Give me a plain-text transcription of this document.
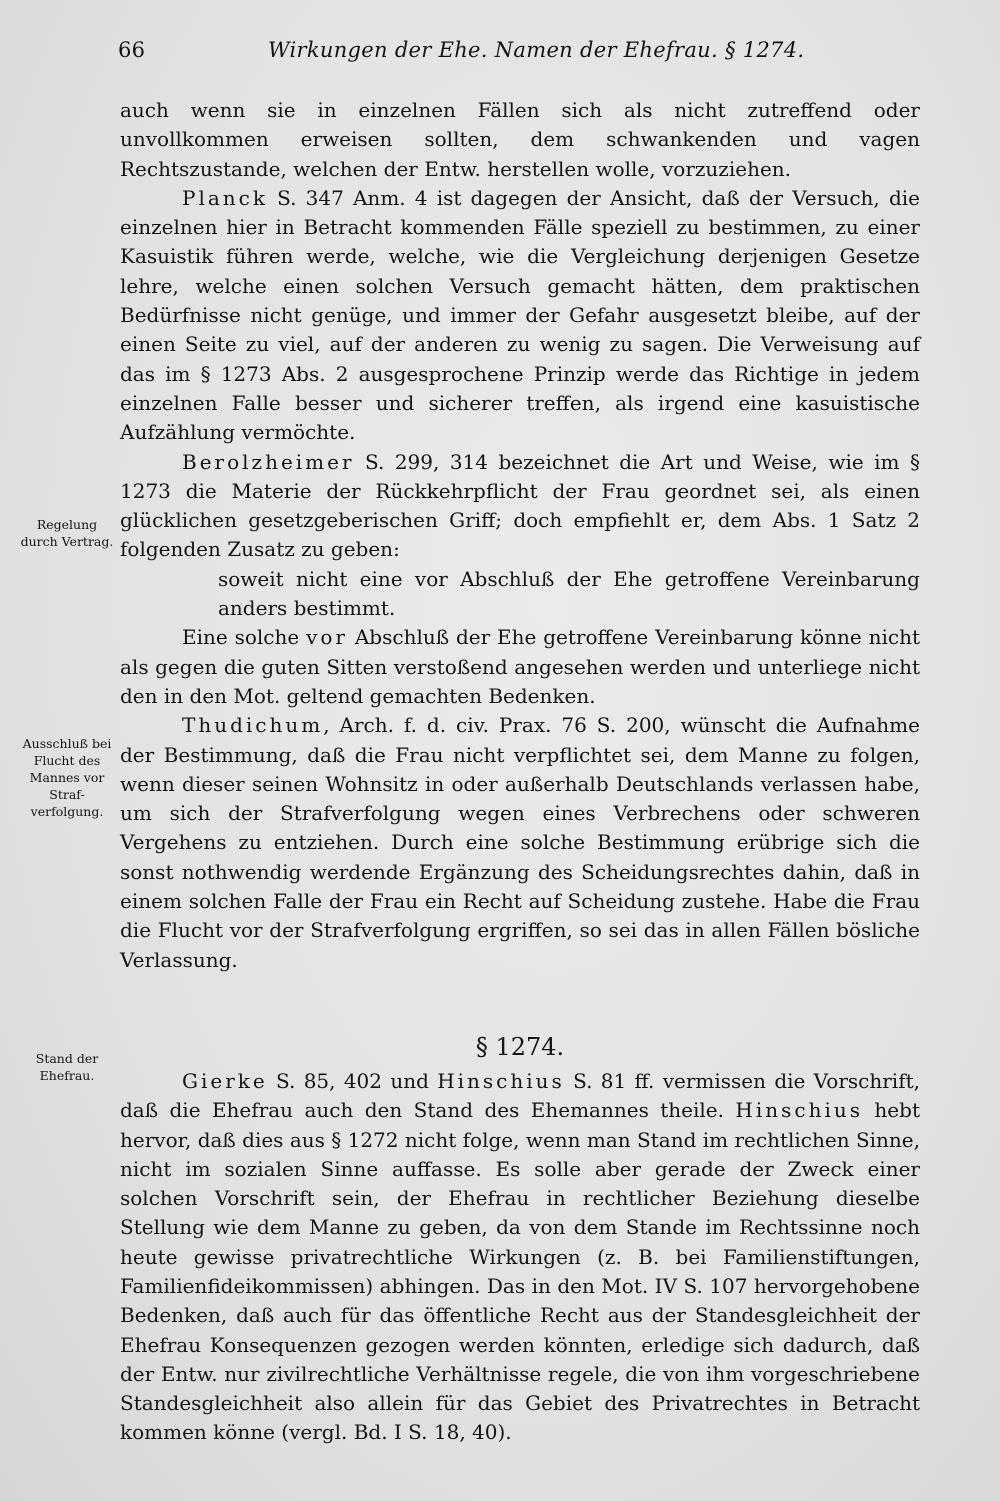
66	Wirkungen der Ehe. Namen der Ehefrau. § 1274.
Regelung durch Vertrag.
Ausschluß bei Flucht des Mannes vor Straf- verfolgung.
Stand der Ehefrau.

auch wenn sie in einzelnen Fällen sich als nicht zutreffend oder unvollkommen erweisen sollten, dem schwankenden und vagen Rechtszustande, welchen der Entw. herstellen wolle, vorzuziehen.

Planck S. 347 Anm. 4 ist dagegen der Ansicht, daß der Versuch, die einzelnen hier in Betracht kommenden Fälle speziell zu bestimmen, zu einer Kasuistik führen werde, welche, wie die Vergleichung derjenigen Gesetze lehre, welche einen solchen Versuch gemacht hätten, dem praktischen Bedürfnisse nicht genüge, und immer der Gefahr ausgesetzt bleibe, auf der einen Seite zu viel, auf der anderen zu wenig zu sagen. Die Verweisung auf das im § 1273 Abs. 2 ausgesprochene Prinzip werde das Richtige in jedem einzelnen Falle besser und sicherer treffen, als irgend eine kasuistische Aufzählung vermöchte.

Berolzheimer S. 299, 314 bezeichnet die Art und Weise, wie im § 1273 die Materie der Rückkehrpflicht der Frau geordnet sei, als einen glücklichen gesetzgeberischen Griff; doch empfiehlt er, dem Abs. 1 Satz 2 folgenden Zusatz zu geben:

soweit nicht eine vor Abschluß der Ehe getroffene Vereinbarung anders bestimmt.

Eine solche vor Abschluß der Ehe getroffene Vereinbarung könne nicht als gegen die guten Sitten verstoßend angesehen werden und unterliege nicht den in den Mot. geltend gemachten Bedenken.

Thudichum, Arch. f. d. civ. Prax. 76 S. 200, wünscht die Aufnahme der Bestimmung, daß die Frau nicht verpflichtet sei, dem Manne zu folgen, wenn dieser seinen Wohnsitz in oder außerhalb Deutschlands verlassen habe, um sich der Strafverfolgung wegen eines Verbrechens oder schweren Vergehens zu entziehen. Durch eine solche Bestimmung erübrige sich die sonst nothwendig werdende Ergänzung des Scheidungsrechtes dahin, daß in einem solchen Falle der Frau ein Recht auf Scheidung zustehe. Habe die Frau die Flucht vor der Strafverfolgung ergriffen, so sei das in allen Fällen bösliche Verlassung.

§ 1274.

Gierke S. 85, 402 und Hinschius S. 81 ff. vermissen die Vorschrift, daß die Ehefrau auch den Stand des Ehemannes theile. Hinschius hebt hervor, daß dies aus § 1272 nicht folge, wenn man Stand im rechtlichen Sinne, nicht im sozialen Sinne auffasse. Es solle aber gerade der Zweck einer solchen Vorschrift sein, der Ehefrau in rechtlicher Beziehung dieselbe Stellung wie dem Manne zu geben, da von dem Stande im Rechtssinne noch heute gewisse privatrechtliche Wirkungen (z. B. bei Familienstiftungen, Familienfideikommissen) abhingen. Das in den Mot. IV S. 107 hervorgehobene Bedenken, daß auch für das öffentliche Recht aus der Standesgleichheit der Ehefrau Konsequenzen gezogen werden könnten, erledige sich dadurch, daß der Entw. nur zivilrechtliche Verhältnisse regele, die von ihm vorgeschriebene Standesgleichheit also allein für das Gebiet des Privatrechtes in Betracht kommen könne (vergl. Bd. I S. 18, 40).
